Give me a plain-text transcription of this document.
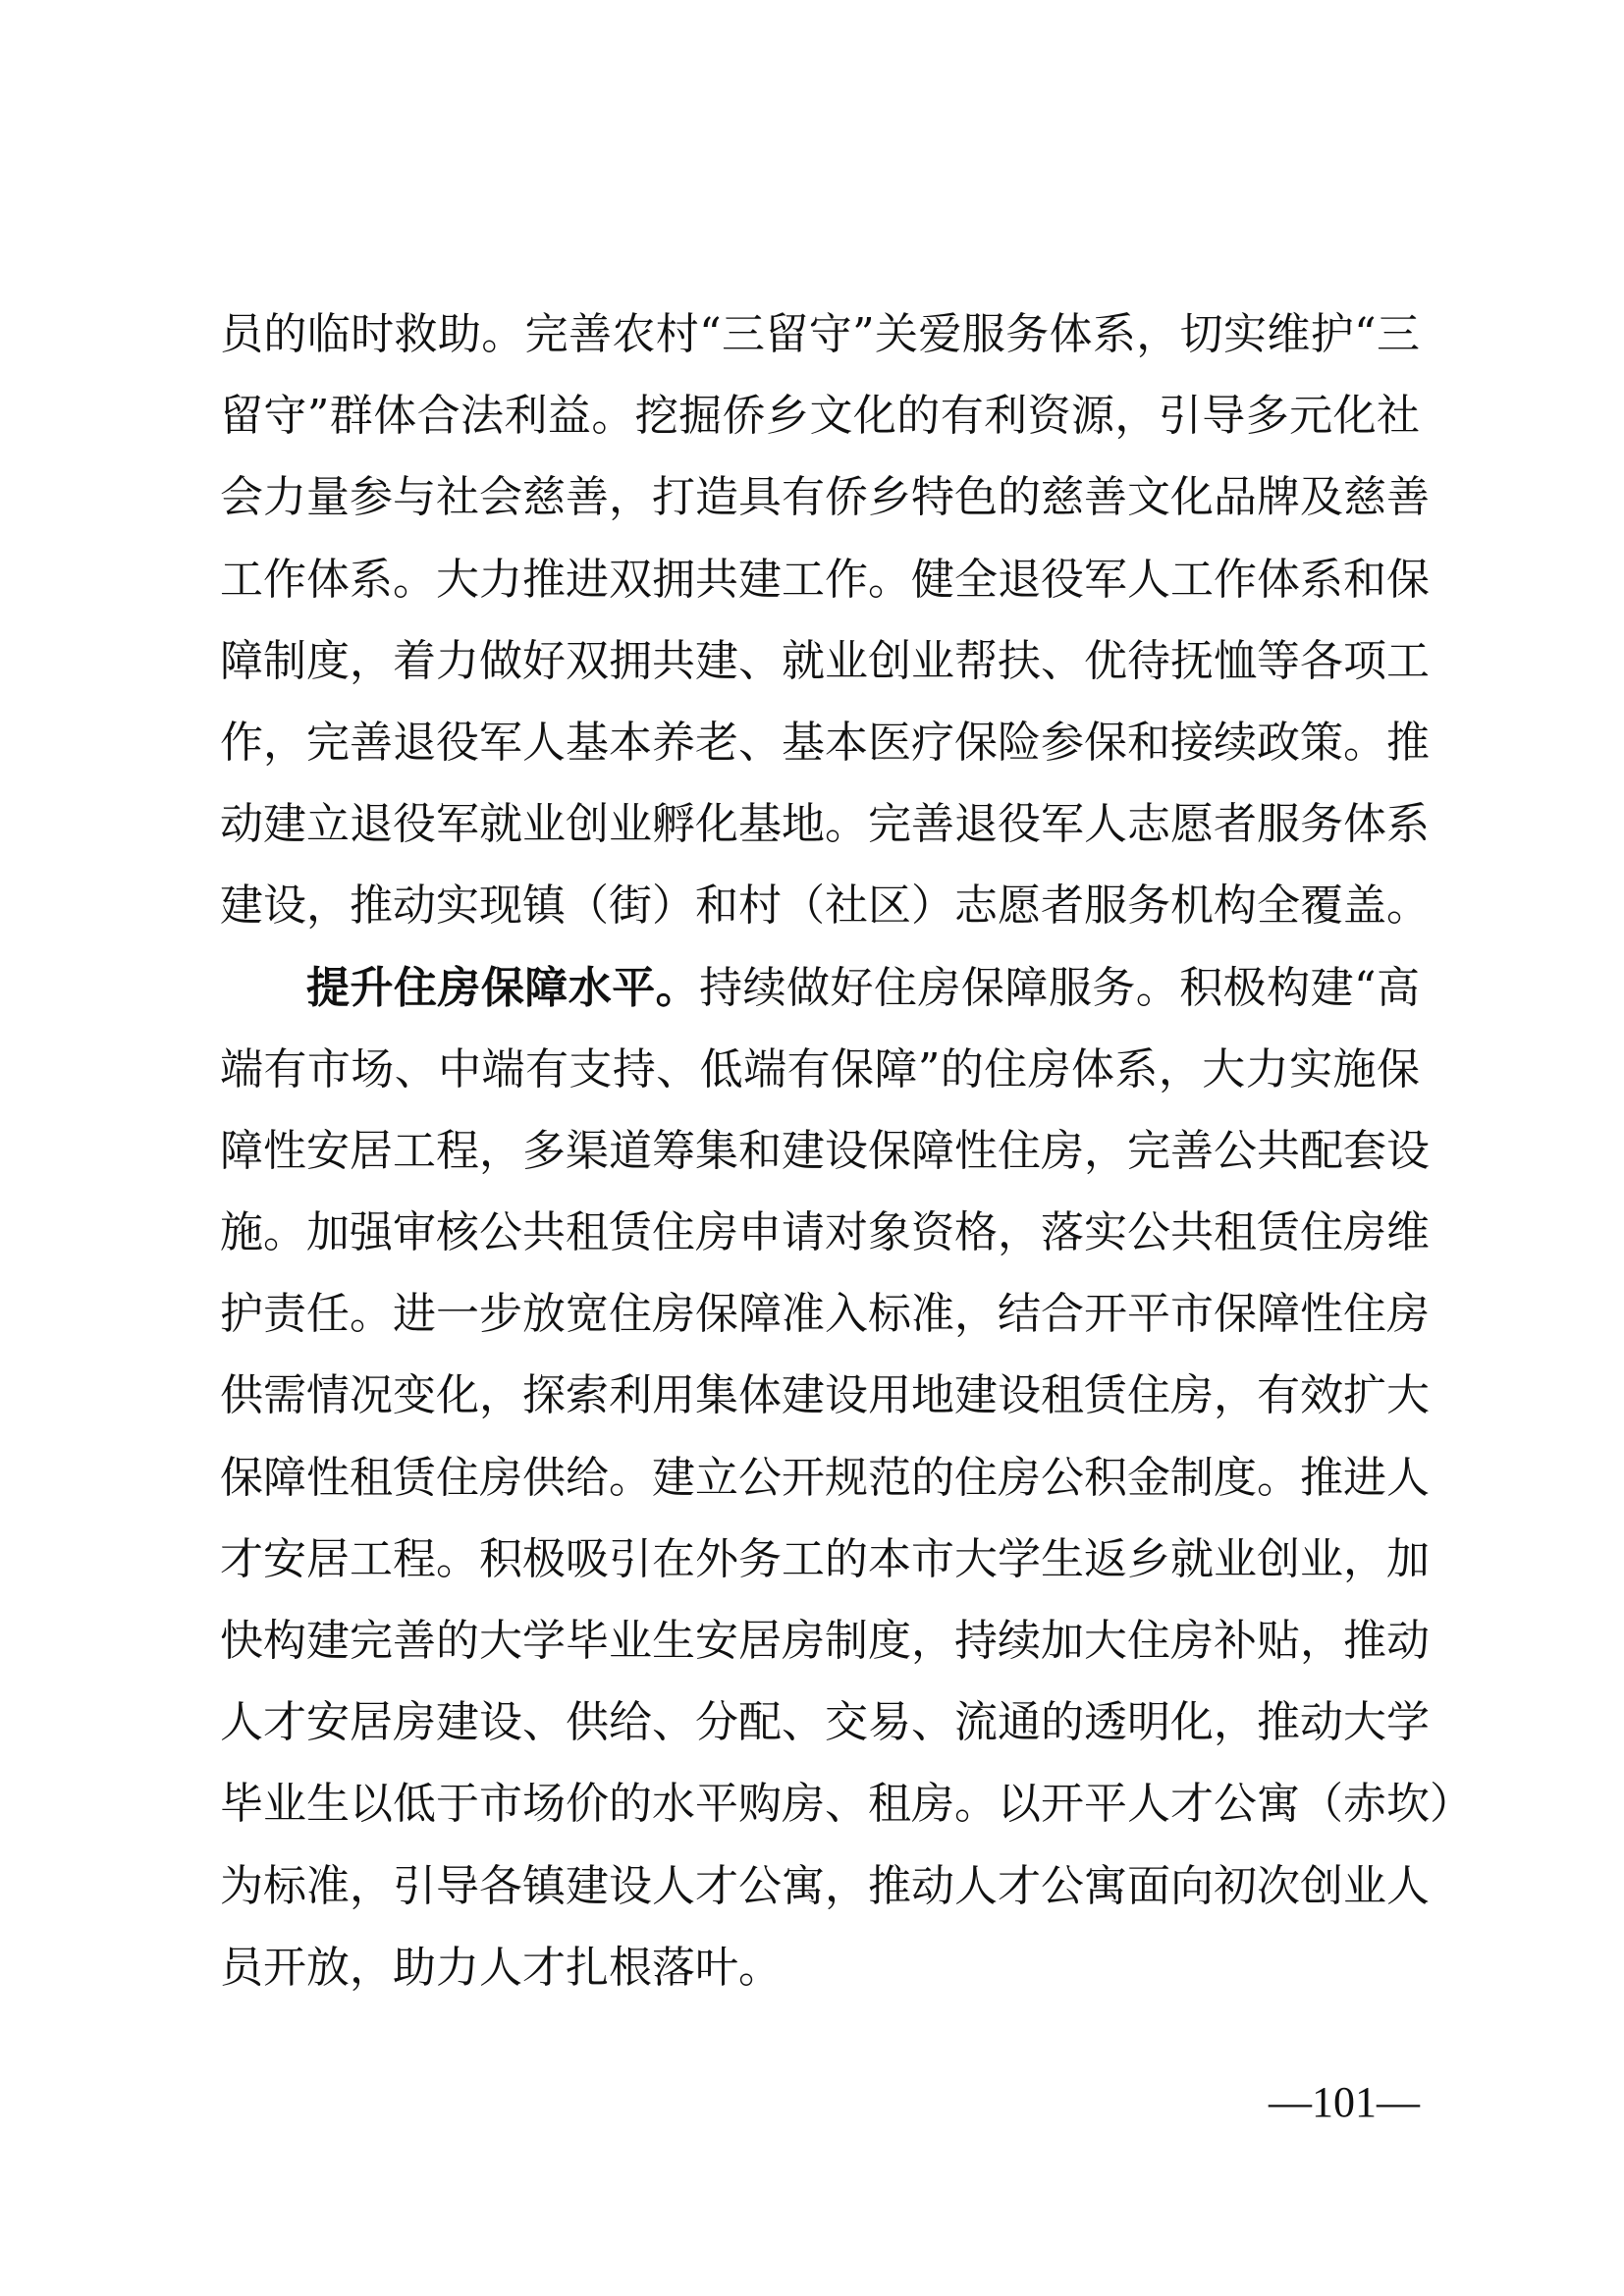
员的临时救助。完善农村“三留守”关爱服务体系，切实维护“三
留守”群体合法利益。挖掘侨乡文化的有利资源，引导多元化社
会力量参与社会慈善，打造具有侨乡特色的慈善文化品牌及慈善
工作体系。大力推进双拥共建工作。健全退役军人工作体系和保
障制度，着力做好双拥共建、就业创业帮扶、优待抚恤等各项工
作，完善退役军人基本养老、基本医疗保险参保和接续政策。推
动建立退役军就业创业孵化基地。完善退役军人志愿者服务体系
建设，推动实现镇（街）和村（社区）志愿者服务机构全覆盖。
提升住房保障水平。持续做好住房保障服务。积极构建“高
端有市场、中端有支持、低端有保障”的住房体系，大力实施保
障性安居工程，多渠道筹集和建设保障性住房，完善公共配套设
施。加强审核公共租赁住房申请对象资格，落实公共租赁住房维
护责任。进一步放宽住房保障准入标准，结合开平市保障性住房
供需情况变化，探索利用集体建设用地建设租赁住房，有效扩大
保障性租赁住房供给。建立公开规范的住房公积金制度。推进人
才安居工程。积极吸引在外务工的本市大学生返乡就业创业，加
快构建完善的大学毕业生安居房制度，持续加大住房补贴，推动
人才安居房建设、供给、分配、交易、流通的透明化，推动大学
毕业生以低于市场价的水平购房、租房。以开平人才公寓（赤坎）
为标准，引导各镇建设人才公寓，推动人才公寓面向初次创业人
员开放，助力人才扎根落叶。
—101—
